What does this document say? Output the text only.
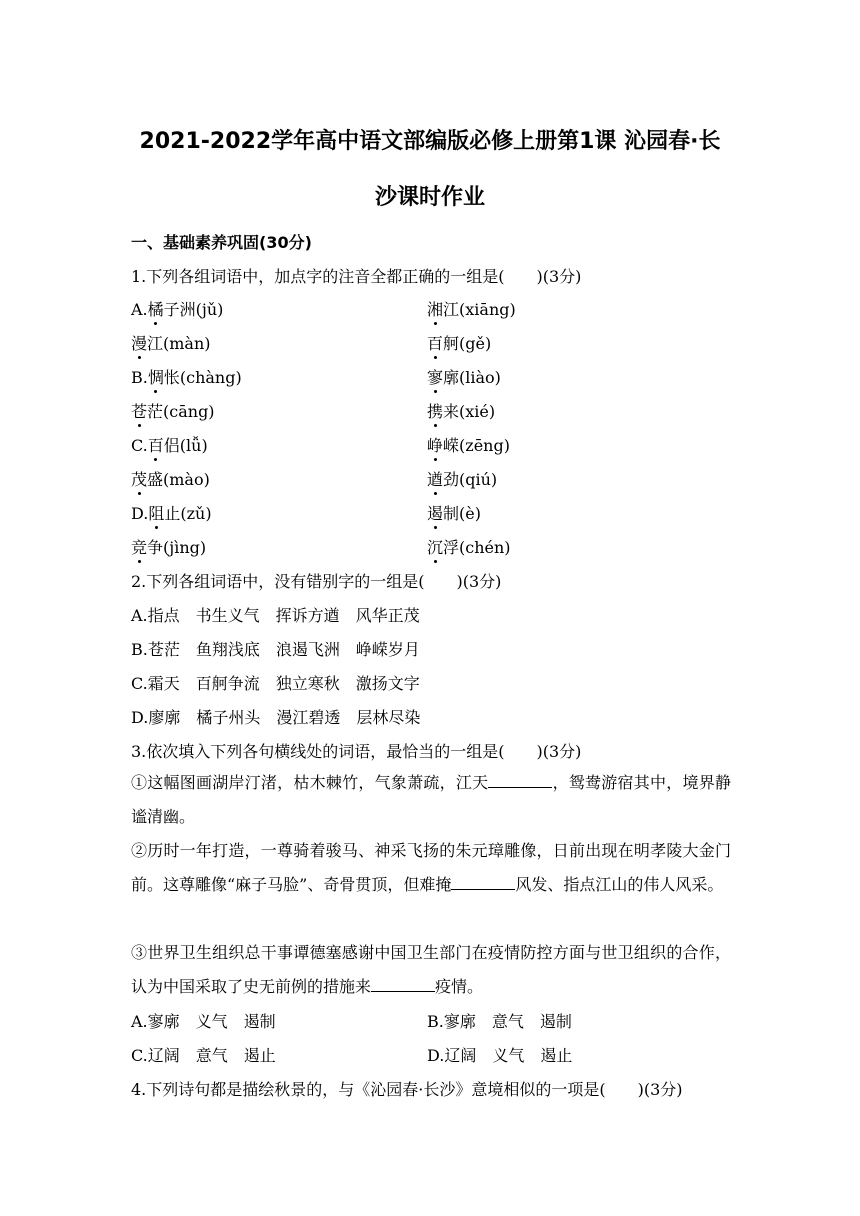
2021-2022学年高中语文部编版必修上册第1课 沁园春·长
沙课时作业
一、基础素养巩固(30分)
1.下列各组词语中，加点字的注音全都正确的一组是(　　)(3分)
A.橘子洲(jǔ)	湘江(xiāng)
漫江(màn)	百舸(gě)
B.惆怅(chàng)	寥廓(liào)
苍茫(cāng)	携来(xié)
C.百侣(lǚ)	峥嵘(zēng)
茂盛(mào)	遒劲(qiú)
D.阻止(zǔ)	遏制(è)
竞争(jìng)	沉浮(chén)
2.下列各组词语中，没有错别字的一组是(　　)(3分)
A.指点　书生义气　挥诉方遒　风华正茂
B.苍茫　鱼翔浅底　浪遏飞洲　峥嵘岁月
C.霜天　百舸争流　独立寒秋　激扬文字
D.廖廓　橘子州头　漫江碧透　层林尽染
3.依次填入下列各句横线处的词语，最恰当的一组是(　　)(3分)
①这幅图画湖岸汀渚，枯木棘竹，气象萧疏，江天	，鸳鸯游宿其中，境界静谧清幽。
②历时一年打造，一尊骑着骏马、神采飞扬的朱元璋雕像，日前出现在明孝陵大金门前。这尊雕像“麻子马脸”、奇骨贯顶，但难掩	风发、指点江山的伟人风采。
③世界卫生组织总干事谭德塞感谢中国卫生部门在疫情防控方面与世卫组织的合作，认为中国采取了史无前例的措施来	疫情。
A.寥廓　义气　遏制	B.寥廓　意气　遏制
C.辽阔　意气　遏止	D.辽阔　义气　遏止
4.下列诗句都是描绘秋景的，与《沁园春·长沙》意境相似的一项是(　　)(3分)
